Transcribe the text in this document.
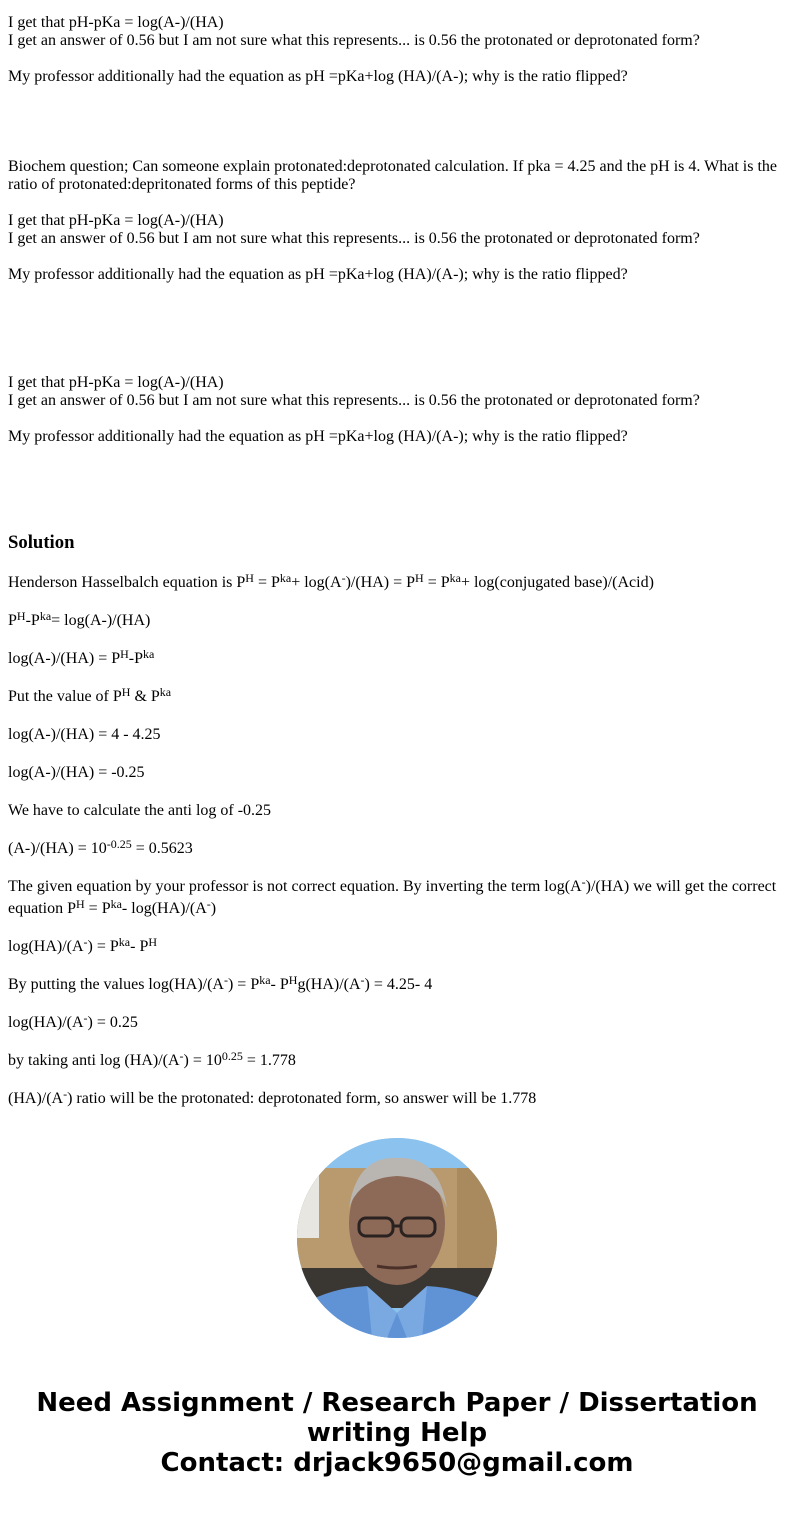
I get that pH-pKa = log(A-)/(HA)

I get an answer of 0.56 but I am not sure what this represents... is 0.56 the protonated or deprotonated form?

My professor additionally had the equation as pH =pKa+log (HA)/(A-); why is the ratio flipped?

Biochem question; Can someone explain protonated:deprotonated calculation. If pka = 4.25 and the pH is 4. What is the ratio of protonated:depritonated forms of this peptide?

I get that pH-pKa = log(A-)/(HA)

I get an answer of 0.56 but I am not sure what this represents... is 0.56 the protonated or deprotonated form?

My professor additionally had the equation as pH =pKa+log (HA)/(A-); why is the ratio flipped?

I get that pH-pKa = log(A-)/(HA)

I get an answer of 0.56 but I am not sure what this represents... is 0.56 the protonated or deprotonated form?

My professor additionally had the equation as pH =pKa+log (HA)/(A-); why is the ratio flipped?

Solution

Henderson Hasselbalch equation is $P^H = P^{ka}+ \log(A^-)/(HA) = P^H = P^{ka}+$ log(conjugated base)/(Acid)

$P^H-P^{ka}= \log(A-)/(HA)$

$\log(A-)/(HA) = P^H-P^{ka}$

Put the value of $P^H$ & $P^{ka}$

log(A-)/(HA) = 4 - 4.25

log(A-)/(HA) = -0.25

We have to calculate the anti log of -0.25

$(A-)/(HA) = 10^{-0.25} = 0.5623$

The given equation by your professor is not correct equation. By inverting the term log(A-)/(HA) we will get the correct equation $P^H = P^{ka}-$ log(HA)/(A-)

$\log(HA)/(A^-) = P^{ka}-$ $P^H$

By putting the values $\log(HA)/(A^-) = P^{ka}-$ $P^Hg(HA)/(A^-) = 4.25-$ 4

log(HA)/(A-) = 0.25

by taking anti $\log (HA)/(A^-) = 10^{0.25} = 1.778$

(HA)/(A-) ratio will be the protonated: deprotonated form, so answer will be 1.778

Need Assignment / Research Paper / Dissertation
writing Help
Contact: drjack9650@gmail.com
